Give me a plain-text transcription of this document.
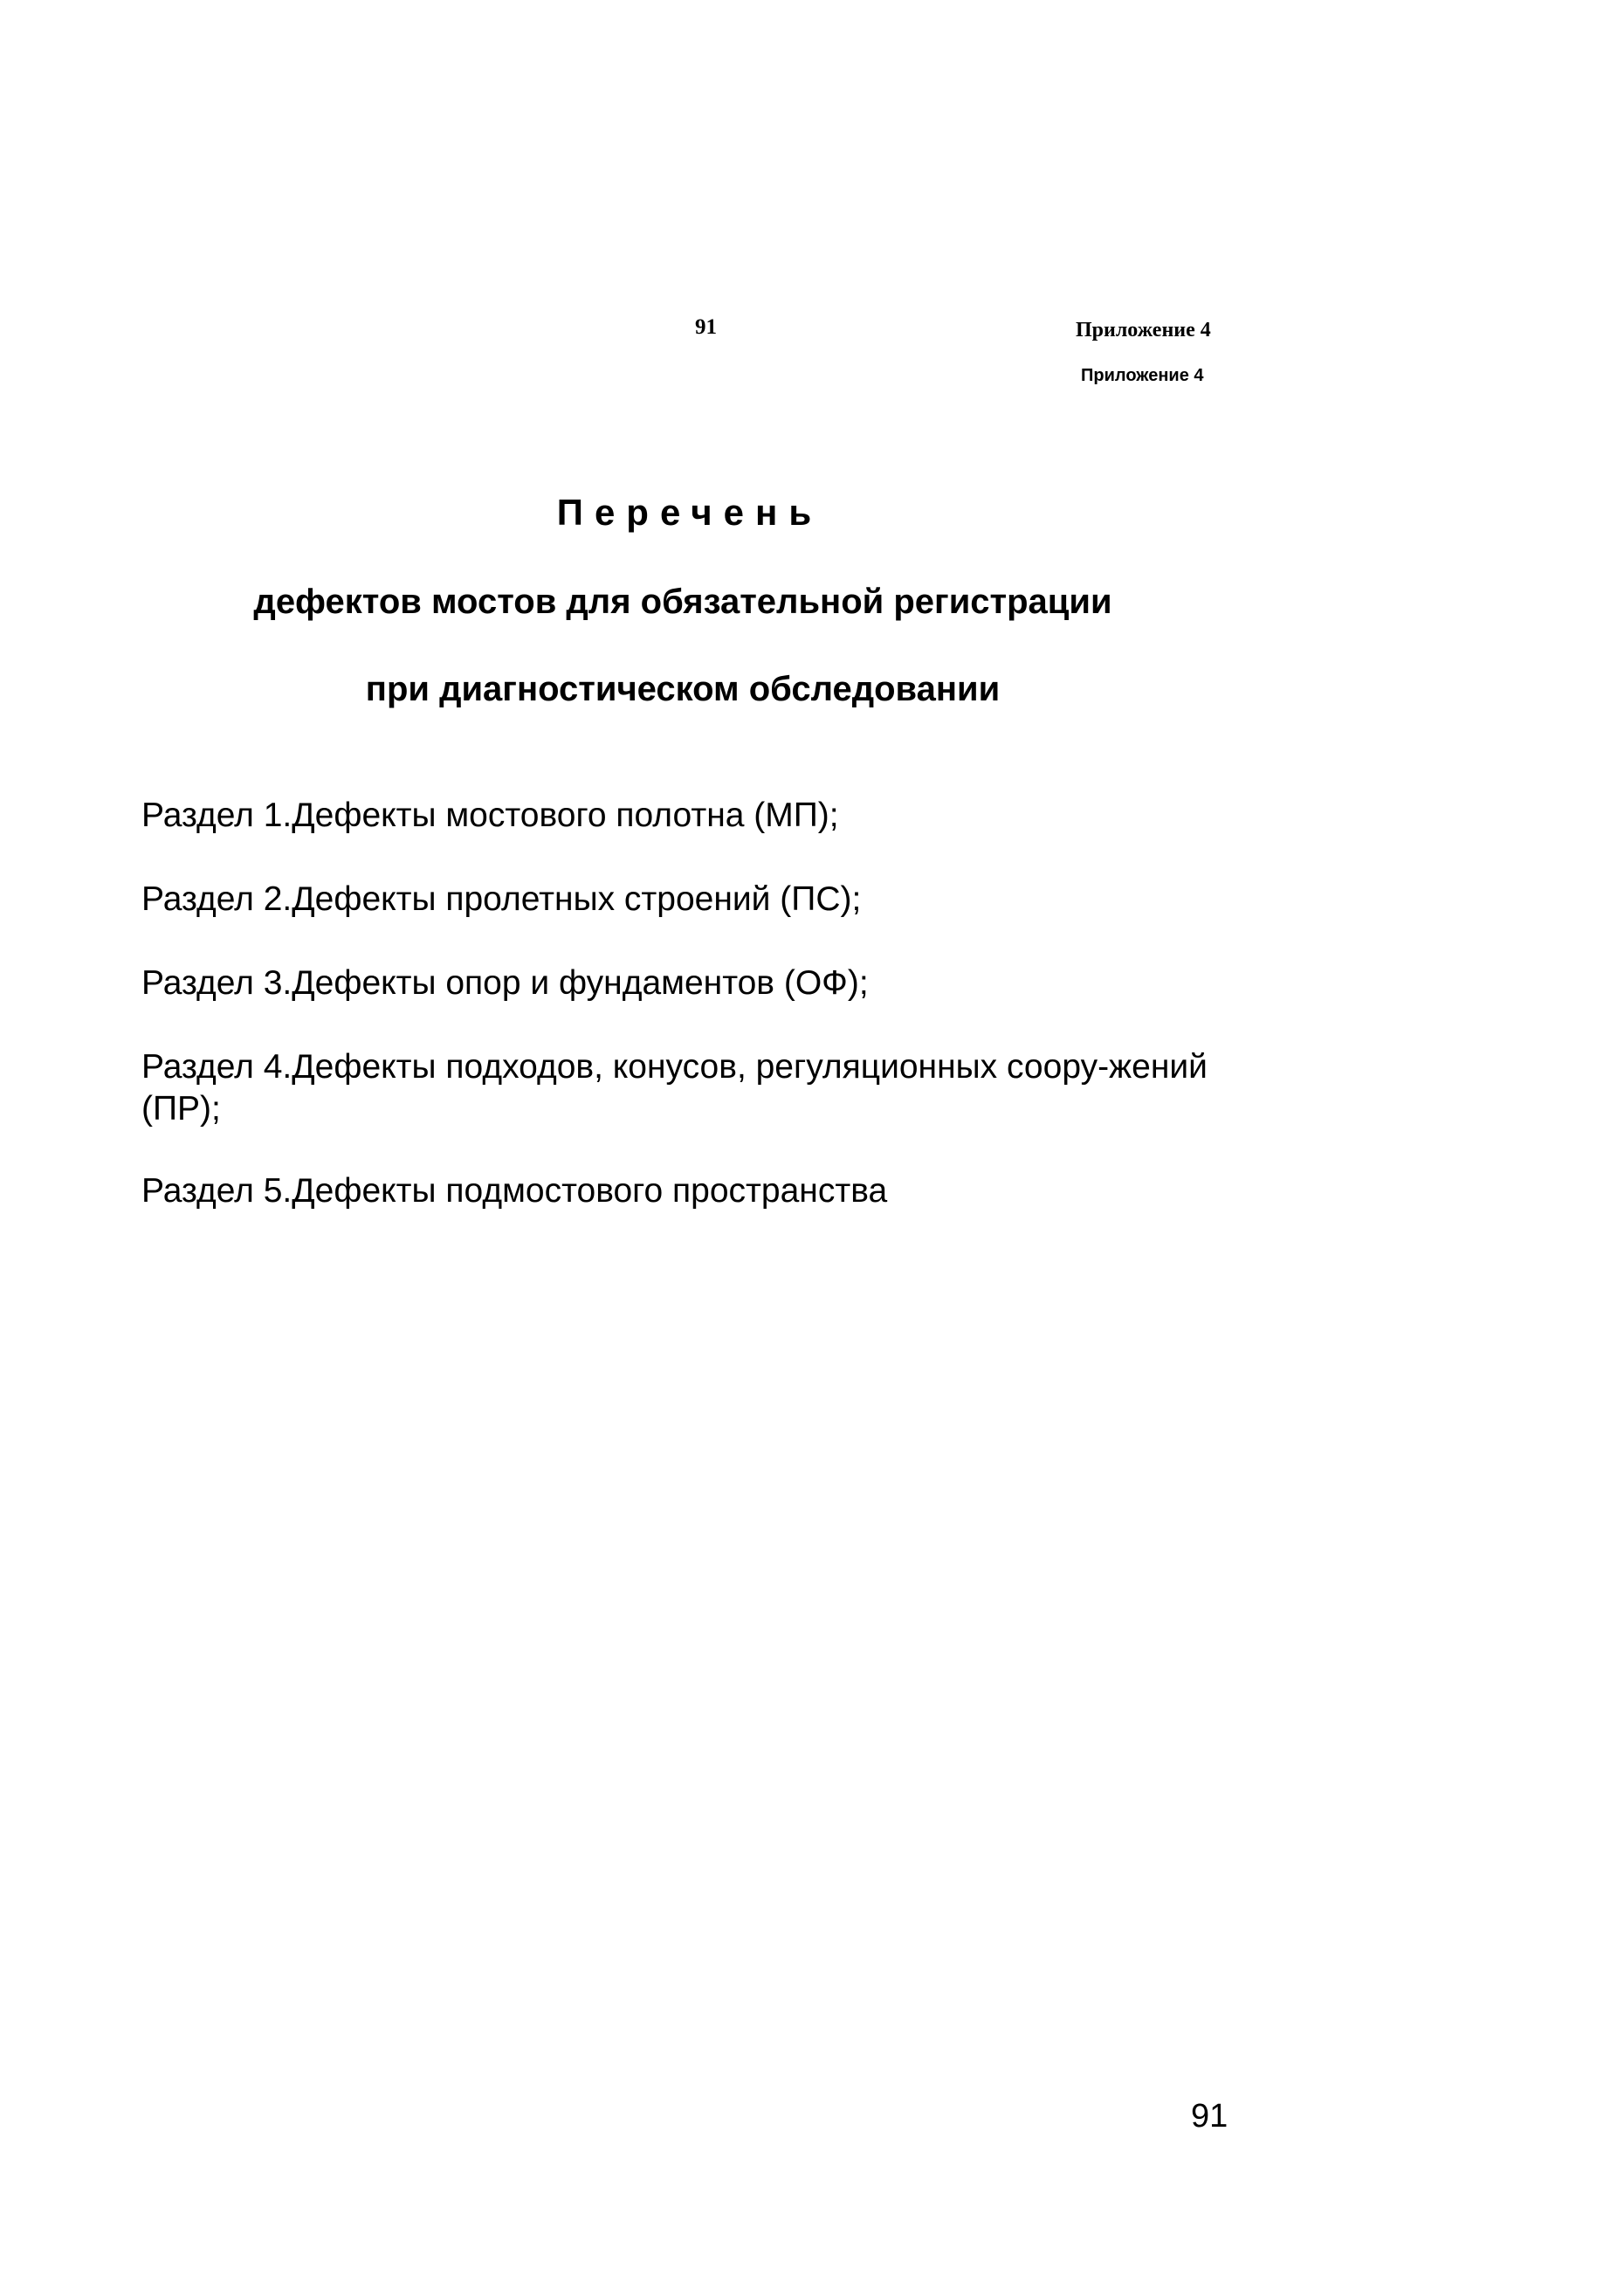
91	Приложение 4
Приложение 4
Перечень
дефектов мостов для обязательной регистрации
при диагностическом обследовании
Раздел 1.Дефекты мостового полотна (МП);
Раздел 2.Дефекты пролетных строений (ПС);
Раздел 3.Дефекты опор и фундаментов (ОФ);
Раздел 4.Дефекты подходов, конусов, регуляционных соору-жений (ПР);
Раздел 5.Дефекты подмостового пространства
91
